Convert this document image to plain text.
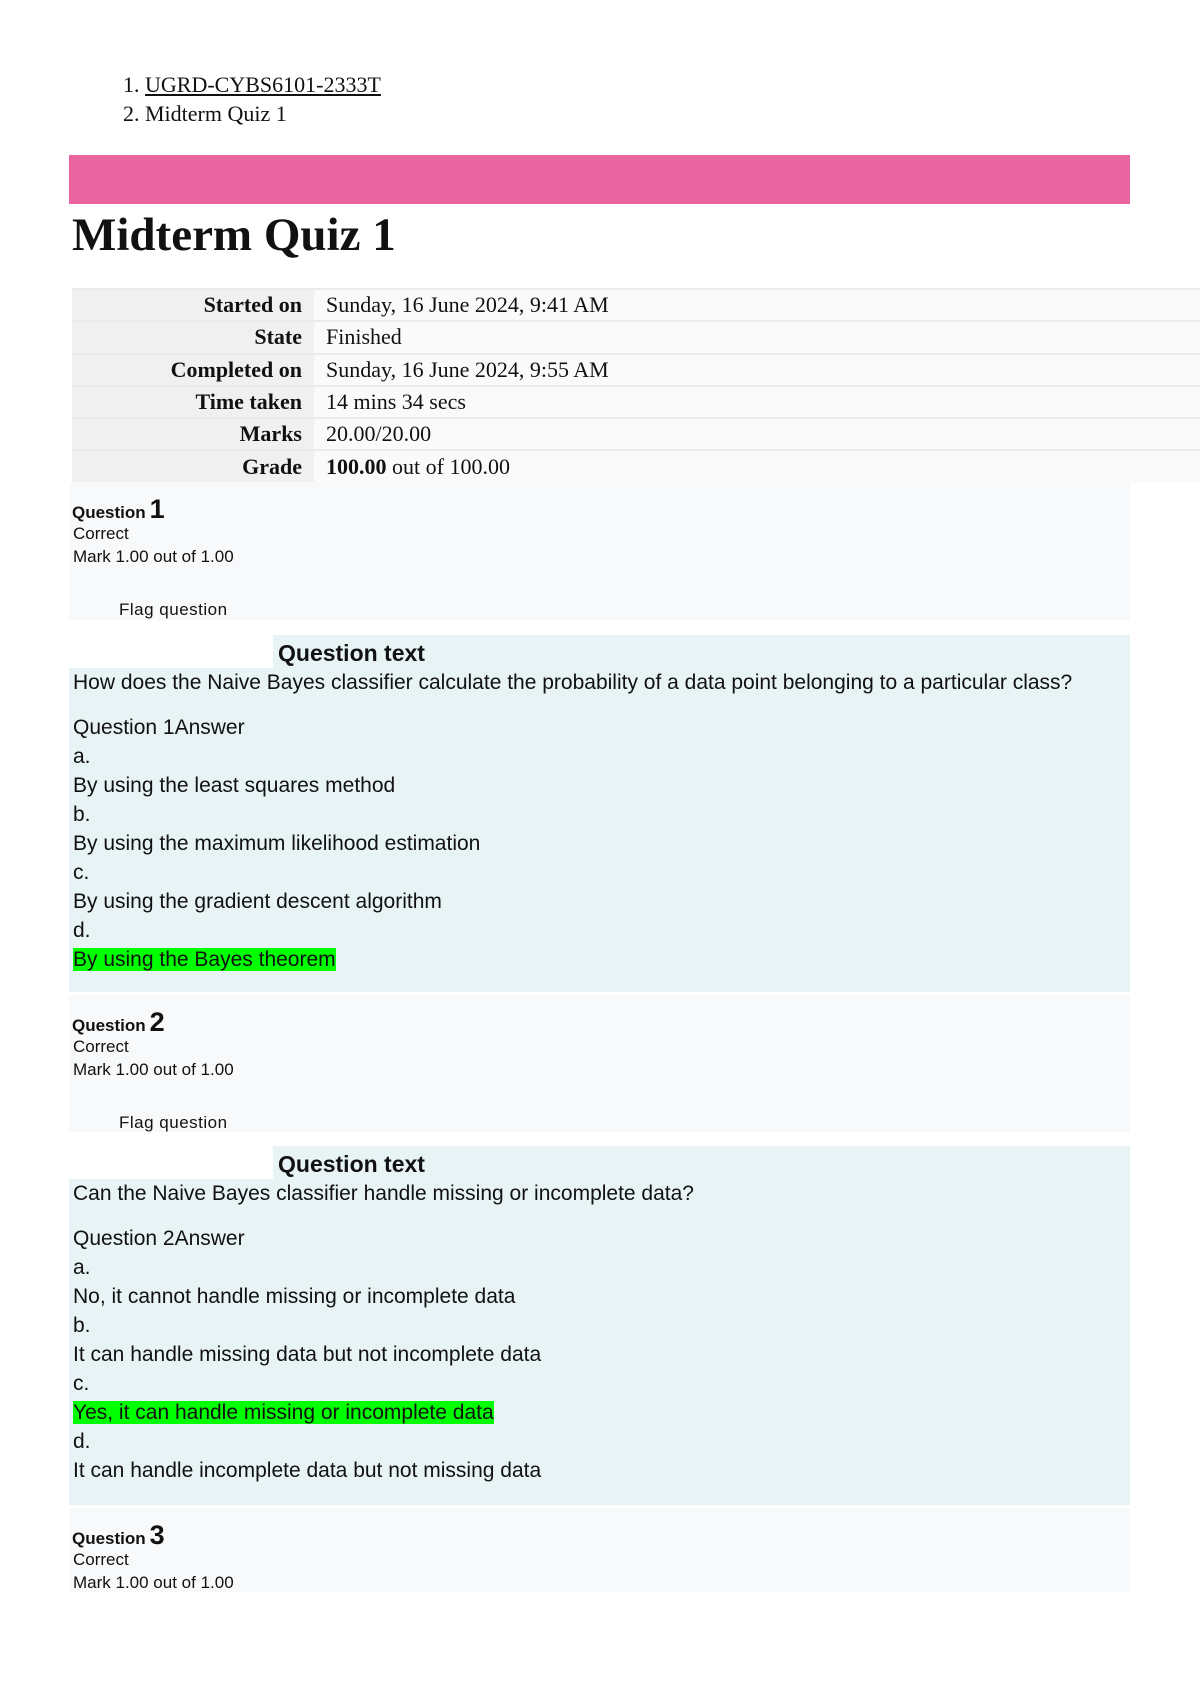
1. UGRD-CYBS6101-2333T
2. Midterm Quiz 1
Midterm Quiz 1
Started on	Sunday, 16 June 2024, 9:41 AM
State	Finished
Completed on	Sunday, 16 June 2024, 9:55 AM
Time taken	14 mins 34 secs
Marks	20.00/20.00
Grade	100.00 out of 100.00
Question 1
Correct
Mark 1.00 out of 1.00
Flag question
Question text
How does the Naive Bayes classifier calculate the probability of a data point belonging to a particular class?
Question 1Answer
a.
By using the least squares method
b.
By using the maximum likelihood estimation
c.
By using the gradient descent algorithm
d.
By using the Bayes theorem
Question 2
Correct
Mark 1.00 out of 1.00
Flag question
Question text
Can the Naive Bayes classifier handle missing or incomplete data?
Question 2Answer
a.
No, it cannot handle missing or incomplete data
b.
It can handle missing data but not incomplete data
c.
Yes, it can handle missing or incomplete data
d.
It can handle incomplete data but not missing data
Question 3
Correct
Mark 1.00 out of 1.00
